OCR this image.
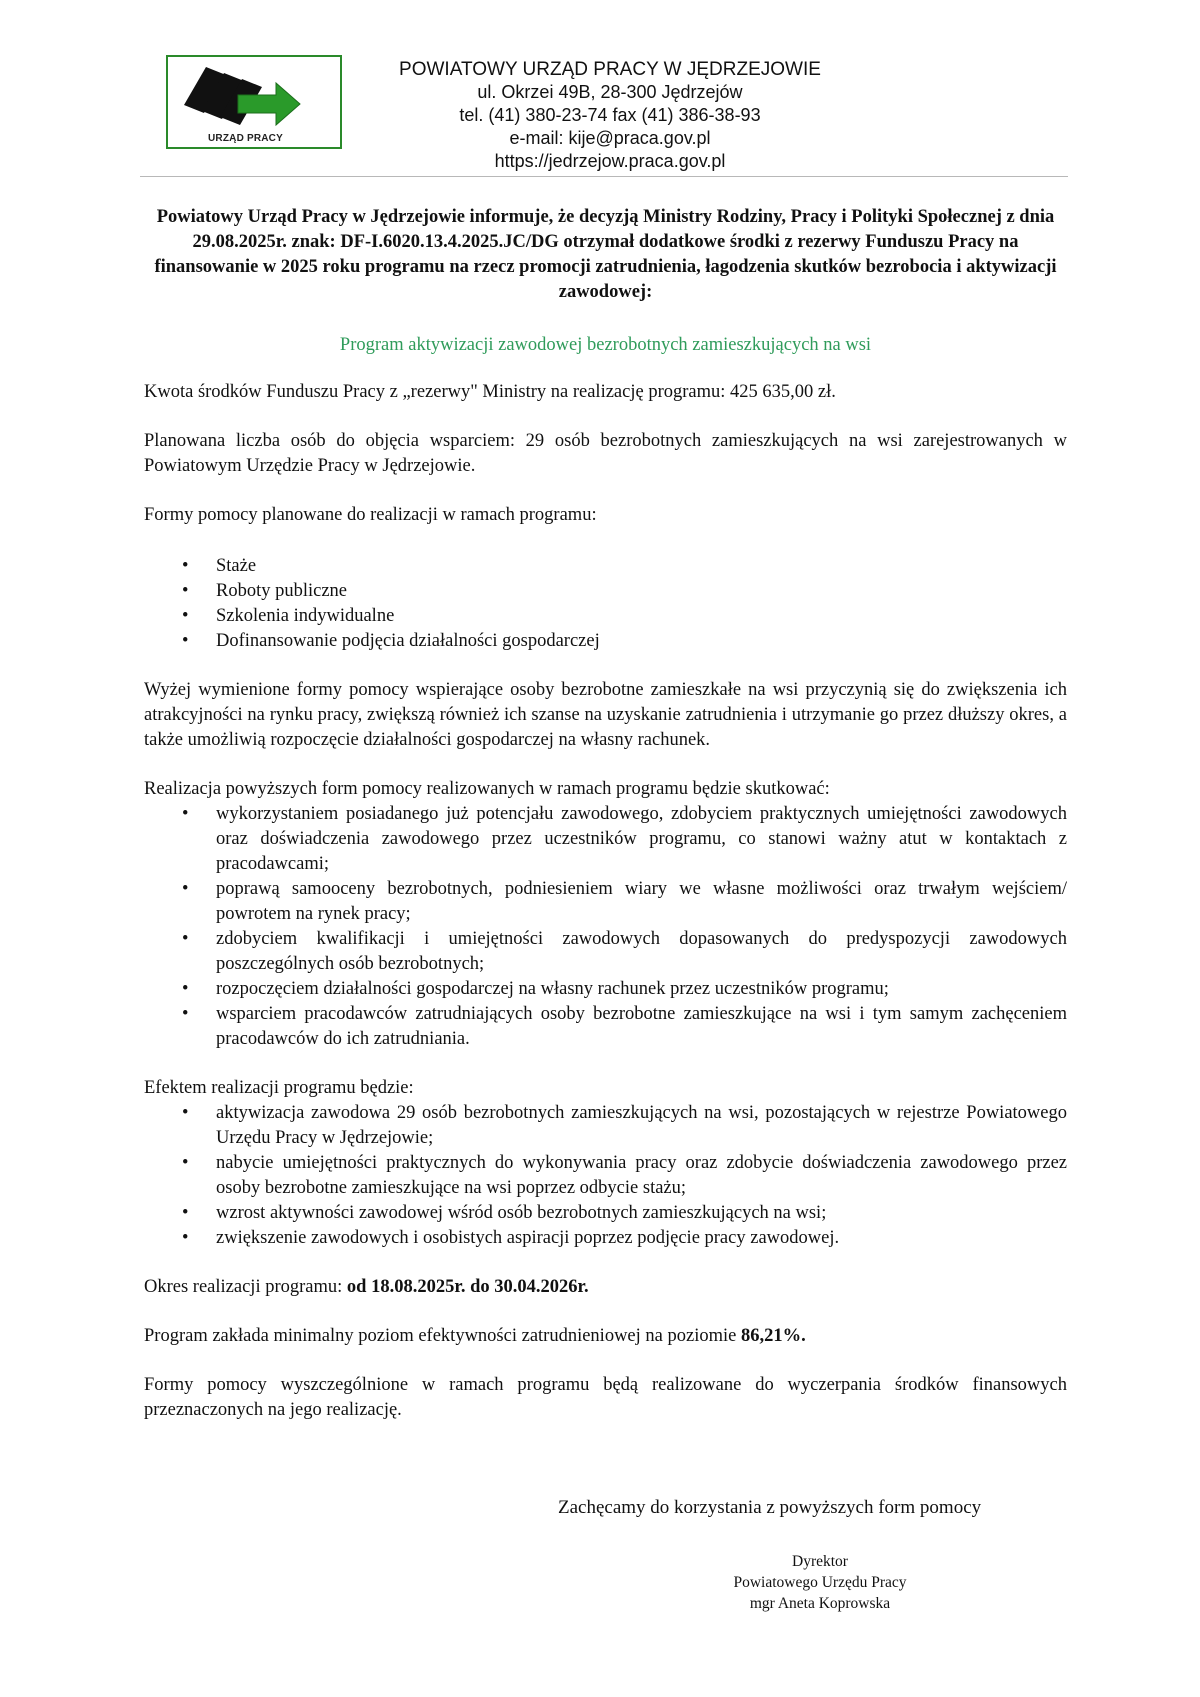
URZĄD PRACY
POWIATOWY URZĄD PRACY W JĘDRZEJOWIE
ul. Okrzei 49B, 28-300 Jędrzejów
tel. (41) 380-23-74 fax (41) 386-38-93
e-mail: kije@praca.gov.pl
https://jedrzejow.praca.gov.pl

Powiatowy Urząd Pracy w Jędrzejowie informuje, że decyzją Ministry Rodziny, Pracy i Polityki Społecznej z dnia 29.08.2025r. znak: DF-I.6020.13.4.2025.JC/DG otrzymał dodatkowe środki z rezerwy Funduszu Pracy na finansowanie w 2025 roku programu na rzecz promocji zatrudnienia, łagodzenia skutków bezrobocia i aktywizacji zawodowej:

Program aktywizacji zawodowej bezrobotnych zamieszkujących na wsi

Kwota środków Funduszu Pracy z „rezerwy" Ministry na realizację programu: 425 635,00 zł.

Planowana liczba osób do objęcia wsparciem: 29 osób bezrobotnych zamieszkujących na wsi zarejestrowanych w Powiatowym Urzędzie Pracy w Jędrzejowie.

Formy pomocy planowane do realizacji w ramach programu:

• Staże
• Roboty publiczne
• Szkolenia indywidualne
• Dofinansowanie podjęcia działalności gospodarczej

Wyżej wymienione formy pomocy wspierające osoby bezrobotne zamieszkałe na wsi przyczynią się do zwiększenia ich atrakcyjności na rynku pracy, zwiększą również ich szanse na uzyskanie zatrudnienia i utrzymanie go przez dłuższy okres, a także umożliwią rozpoczęcie działalności gospodarczej na własny rachunek.

Realizacja powyższych form pomocy realizowanych w ramach programu będzie skutkować:

• wykorzystaniem posiadanego już potencjału zawodowego, zdobyciem praktycznych umiejętności zawodowych oraz doświadczenia zawodowego przez uczestników programu, co stanowi ważny atut w kontaktach z pracodawcami;
• poprawą samooceny bezrobotnych, podniesieniem wiary we własne możliwości oraz trwałym wejściem/ powrotem na rynek pracy;
• zdobyciem kwalifikacji i umiejętności zawodowych dopasowanych do predyspozycji zawodowych poszczególnych osób bezrobotnych;
• rozpoczęciem działalności gospodarczej na własny rachunek przez uczestników programu;
• wsparciem pracodawców zatrudniających osoby bezrobotne zamieszkujące na wsi i tym samym zachęceniem pracodawców do ich zatrudniania.

Efektem realizacji programu będzie:

• aktywizacja zawodowa 29 osób bezrobotnych zamieszkujących na wsi, pozostających w rejestrze Powiatowego Urzędu Pracy w Jędrzejowie;
• nabycie umiejętności praktycznych do wykonywania pracy oraz zdobycie doświadczenia zawodowego przez osoby bezrobotne zamieszkujące na wsi poprzez odbycie stażu;
• wzrost aktywności zawodowej wśród osób bezrobotnych zamieszkujących na wsi;
• zwiększenie zawodowych i osobistych aspiracji poprzez podjęcie pracy zawodowej.

Okres realizacji programu: od 18.08.2025r. do 30.04.2026r.

Program zakłada minimalny poziom efektywności zatrudnieniowej na poziomie 86,21%.

Formy pomocy wyszczególnione w ramach programu będą realizowane do wyczerpania środków finansowych przeznaczonych na jego realizację.

Zachęcamy do korzystania z powyższych form pomocy
Dyrektor
Powiatowego Urzędu Pracy
mgr Aneta Koprowska
